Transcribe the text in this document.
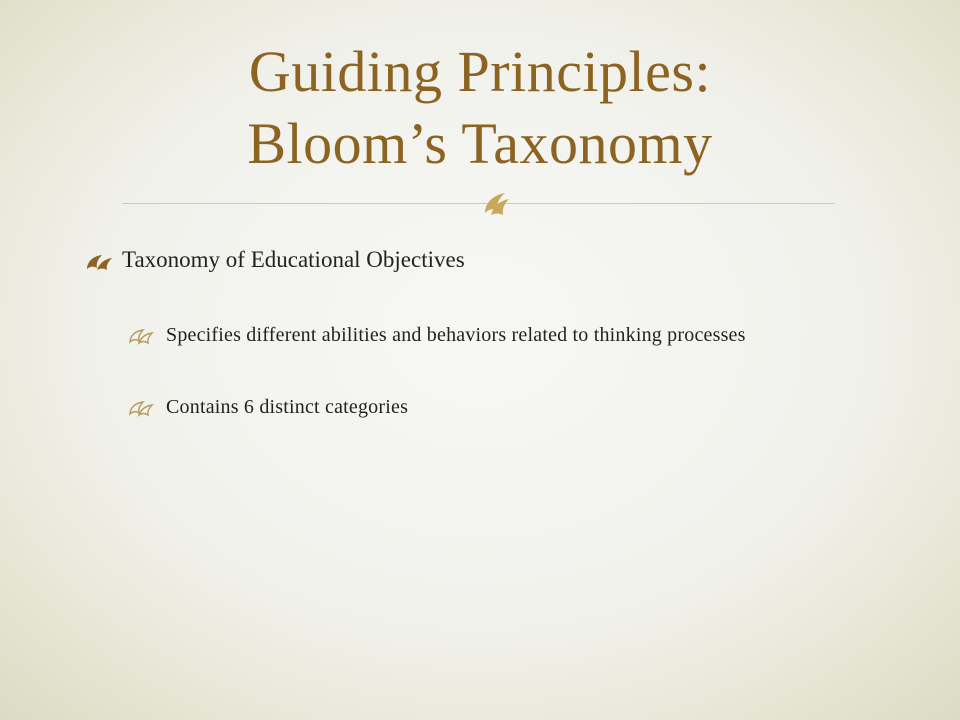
Guiding Principles:
Bloom’s Taxonomy
Taxonomy of Educational Objectives
Specifies different abilities and behaviors related to thinking processes
Contains 6 distinct categories
